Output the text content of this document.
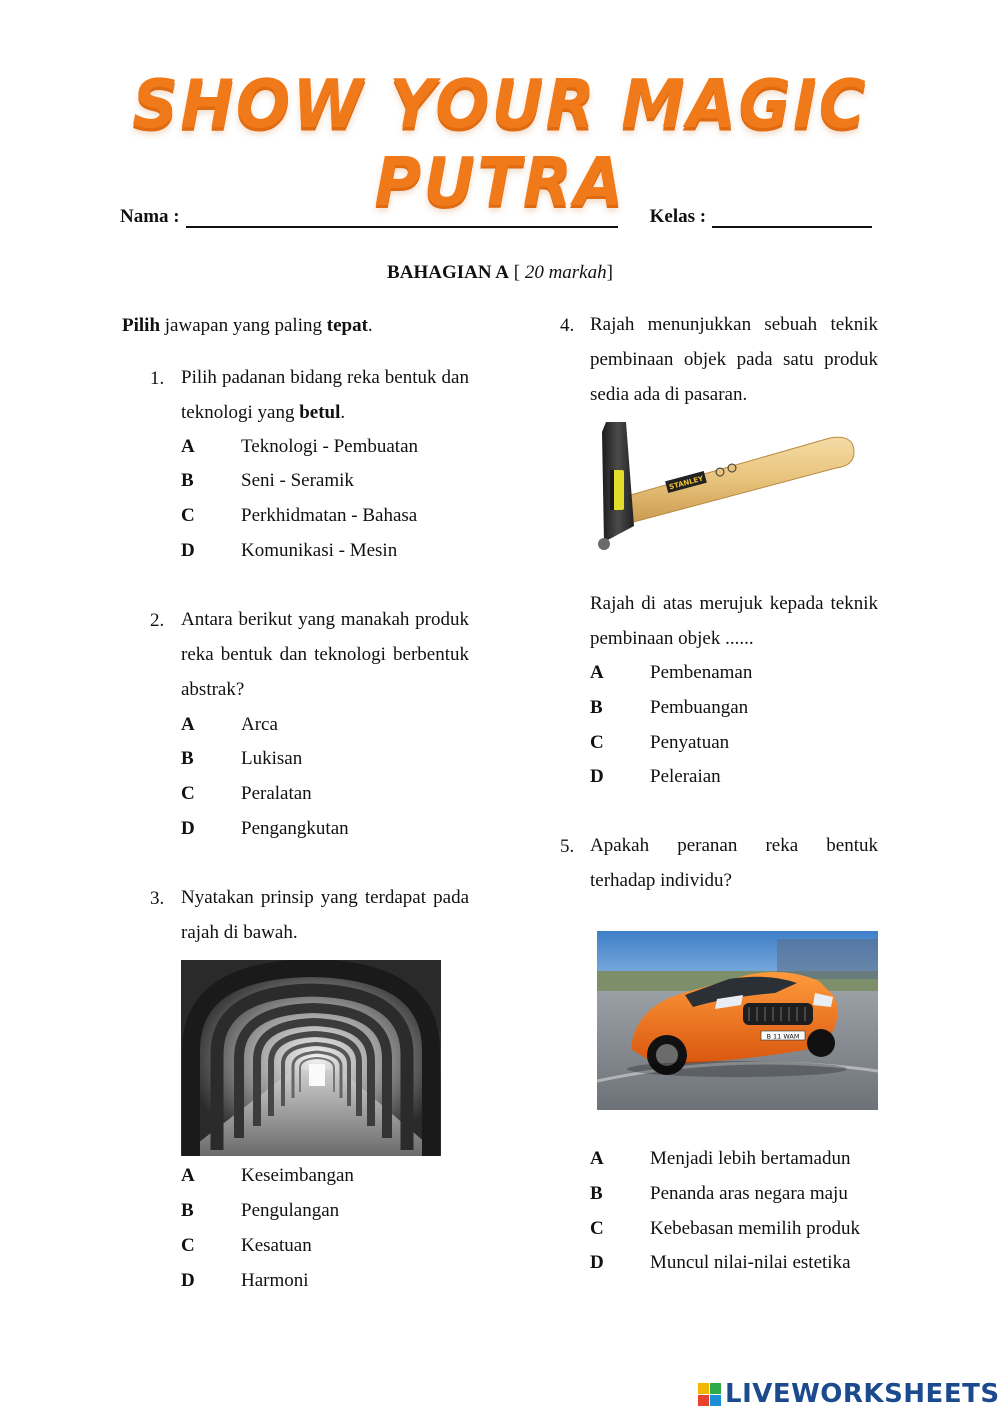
SHOW YOUR MAGIC PUTRA
Nama :	Kelas :
BAHAGIAN A [ 20 markah]
Pilih jawapan yang paling tepat.
1. Pilih padanan bidang reka bentuk dan teknologi yang betul.
A Teknologi - Pembuatan
B Seni - Seramik
C Perkhidmatan - Bahasa
D Komunikasi - Mesin
2. Antara berikut yang manakah produk reka bentuk dan teknologi berbentuk abstrak?
A Arca
B Lukisan
C Peralatan
D Pengangkutan
3. Nyatakan prinsip yang terdapat pada rajah di bawah.
A Keseimbangan
B Pengulangan
C Kesatuan
D Harmoni
4. Rajah menunjukkan sebuah teknik pembinaan objek pada satu produk sedia ada di pasaran.
STANLEY
Rajah di atas merujuk kepada teknik pembinaan objek ......
A Pembenaman
B Pembuangan
C Penyatuan
D Peleraian
5. Apakah peranan reka bentuk terhadap individu?
B 11 WAM
A Menjadi lebih bertamadun
B Penanda aras negara maju
C Kebebasan memilih produk
D Muncul nilai-nilai estetika
LIVEWORKSHEETS
